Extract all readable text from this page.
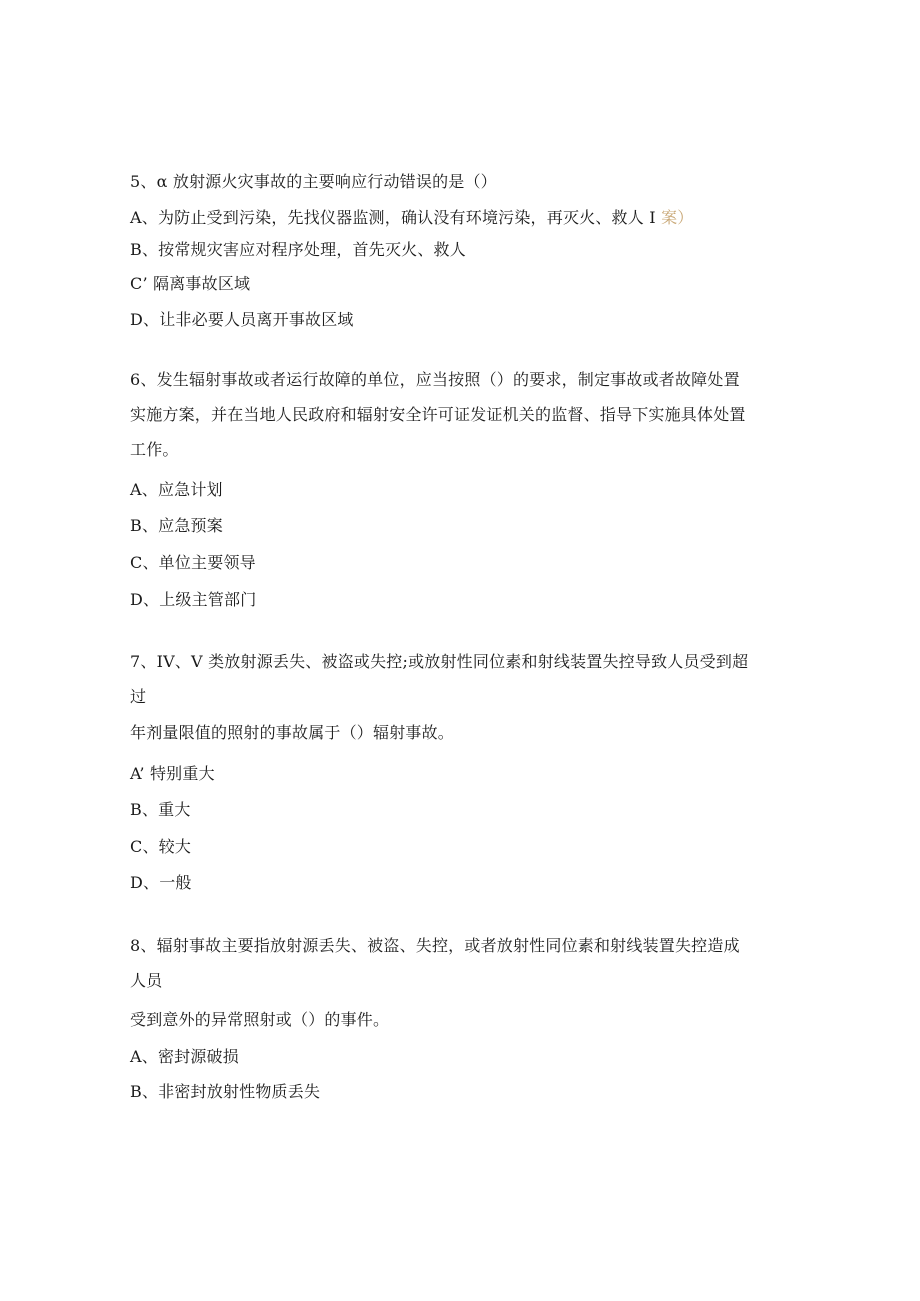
5、α 放射源火灾事故的主要响应行动错误的是（）
A、为防止受到污染，先找仪器监测，确认没有环境污染，再灭火、救人 I 案）
B、按常规灾害应对程序处理，首先灭火、救人
C’ 隔离事故区域
D、让非必要人员离开事故区域
6、发生辐射事故或者运行故障的单位，应当按照（）的要求，制定事故或者故障处置
实施方案，并在当地人民政府和辐射安全许可证发证机关的监督、指导下实施具体处置
工作。
A、应急计划
B、应急预案
C、单位主要领导
D、上级主管部门
7、IV、V 类放射源丢失、被盗或失控;或放射性同位素和射线装置失控导致人员受到超
过
年剂量限值的照射的事故属于（）辐射事故。
A’ 特别重大
B、重大
C、较大
D、一般
8、辐射事故主要指放射源丢失、被盗、失控，或者放射性同位素和射线装置失控造成
人员
受到意外的异常照射或（）的事件。
A、密封源破损
B、非密封放射性物质丢失
